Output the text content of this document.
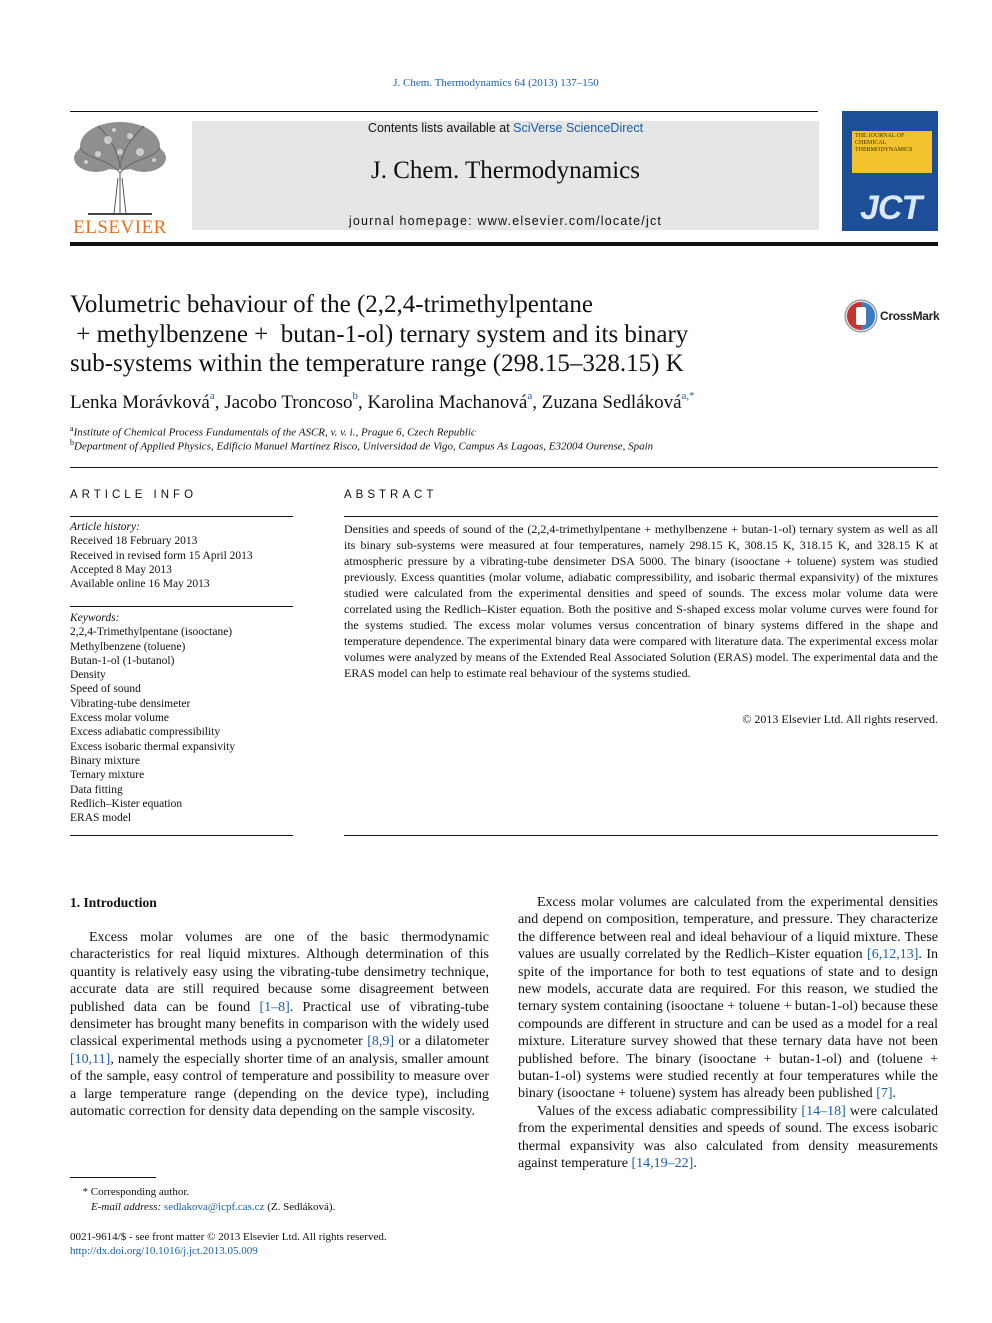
J. Chem. Thermodynamics 64 (2013) 137–150
ELSEVIER
Contents lists available at SciVerse ScienceDirect
J. Chem. Thermodynamics
journal homepage: www.elsevier.com/locate/jct
THE JOURNAL OF CHEMICAL THERMODYNAMICS
JCT
Volumetric behaviour of the (2,2,4-trimethylpentane
+ methylbenzene +  butan-1-ol) ternary system and its binary
sub-systems within the temperature range (298.15–328.15) K
CrossMark
Lenka Morávková$^a$, Jacobo Troncoso$^b$, Karolina Machanová$^a$, Zuzana Sedláková$^{a,*}$
$^a$Institute of Chemical Process Fundamentals of the ASCR, v. v. i., Prague 6, Czech Republic
$^b$Department of Applied Physics, Edificio Manuel Martínez Risco, Universidad de Vigo, Campus As Lagoas, E32004 Ourense, Spain
ARTICLE INFO
Article history:
Received 18 February 2013
Received in revised form 15 April 2013
Accepted 8 May 2013
Available online 16 May 2013
Keywords:
2,2,4-Trimethylpentane (isooctane)
Methylbenzene (toluene)
Butan-1-ol (1-butanol)
Density
Speed of sound
Vibrating-tube densimeter
Excess molar volume
Excess adiabatic compressibility
Excess isobaric thermal expansivity
Binary mixture
Ternary mixture
Data fitting
Redlich–Kister equation
ERAS model
ABSTRACT
Densities and speeds of sound of the (2,2,4-trimethylpentane + methylbenzene + butan-1-ol) ternary system as well as all its binary sub-systems were measured at four temperatures, namely 298.15 K, 308.15 K, 318.15 K, and 328.15 K at atmospheric pressure by a vibrating-tube densimeter DSA 5000. The binary (isooctane + toluene) system was studied previously. Excess quantities (molar volume, adiabatic compressibility, and isobaric thermal expansivity) of the mixtures studied were calculated from the experimental densities and speed of sounds. The excess molar volume data were correlated using the Redlich–Kister equation. Both the positive and S-shaped excess molar volume curves were found for the systems studied. The excess molar volumes versus concentration of binary systems differed in the shape and temperature dependence. The experimental binary data were compared with literature data. The experimental excess molar volumes were analyzed by means of the Extended Real Associated Solution (ERAS) model. The experimental data and the ERAS model can help to estimate real behaviour of the systems studied.
© 2013 Elsevier Ltd. All rights reserved.
1. Introduction

Excess molar volumes are one of the basic thermodynamic characteristics for real liquid mixtures. Although determination of this quantity is relatively easy using the vibrating-tube densimetry technique, accurate data are still required because some disagreement between published data can be found [1–8]. Practical use of vibrating-tube densimeter has brought many benefits in comparison with the widely used classical experimental methods using a pycnometer [8,9] or a dilatometer [10,11], namely the especially shorter time of an analysis, smaller amount of the sample, easy control of temperature and possibility to measure over a large temperature range (depending on the device type), including automatic correction for density data depending on the sample viscosity.

Excess molar volumes are calculated from the experimental densities and depend on composition, temperature, and pressure. They characterize the difference between real and ideal behaviour of a liquid mixture. These values are usually correlated by the Redlich–Kister equation [6,12,13]. In spite of the importance for both to test equations of state and to design new models, accurate data are required. For this reason, we studied the ternary system containing (isooctane + toluene + butan-1-ol) because these compounds are different in structure and can be used as a model for a real mixture. Literature survey showed that these ternary data have not been published before. The binary (isooctane + butan-1-ol) and (toluene + butan-1-ol) systems were studied recently at four temperatures while the binary (isooctane + toluene) system has already been published [7].

Values of the excess adiabatic compressibility [14–18] were calculated from the experimental densities and speeds of sound. The excess isobaric thermal expansivity was also calculated from density measurements against temperature [14,19–22].

* Corresponding author.
E-mail address: sedlakova@icpf.cas.cz (Z. Sedláková).
0021-9614/$ - see front matter © 2013 Elsevier Ltd. All rights reserved.
http://dx.doi.org/10.1016/j.jct.2013.05.009
